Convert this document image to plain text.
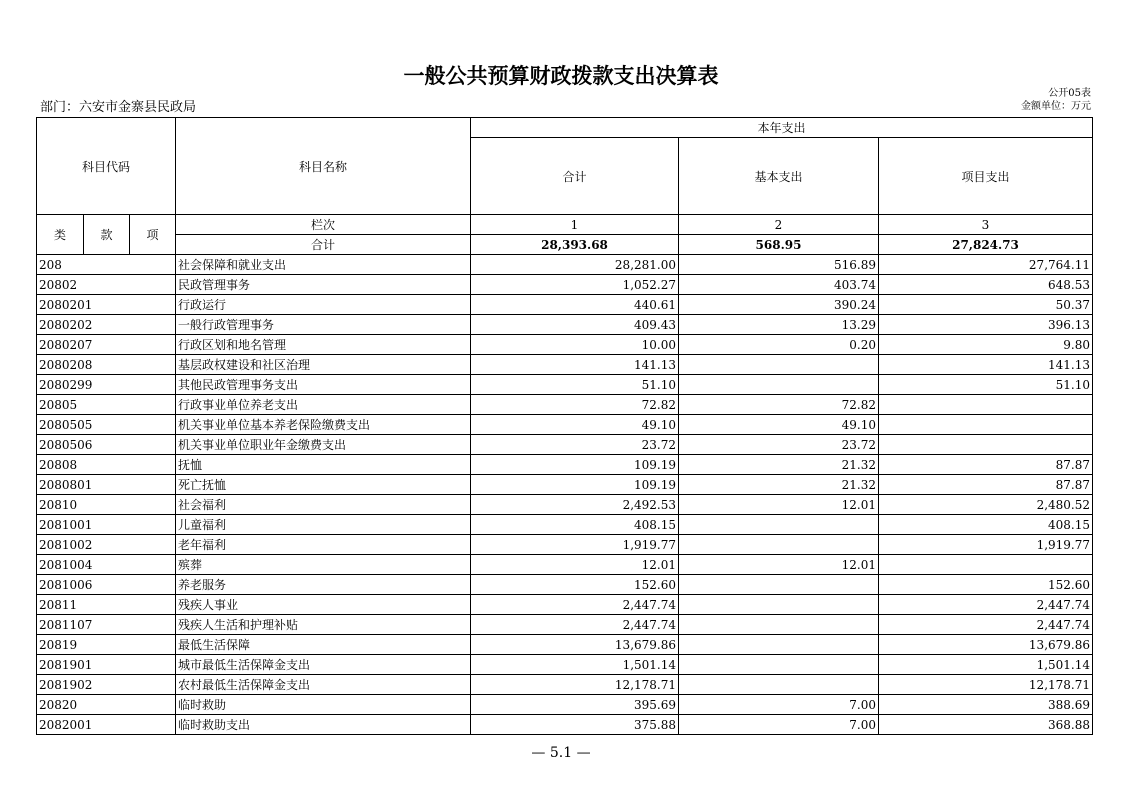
一般公共预算财政拨款支出决算表
部门：六安市金寨县民政局
公开05表
金额单位：万元
科目代码			科目名称	本年支出		
				合计	基本支出	项目支出
类	款	项	栏次	1	2	3
			合计	28,393.68	568.95	27,824.73
208			社会保障和就业支出	28,281.00	516.89	27,764.11
20802			民政管理事务	1,052.27	403.74	648.53
2080201			行政运行	440.61	390.24	50.37
2080202			一般行政管理事务	409.43	13.29	396.13
2080207			行政区划和地名管理	10.00	0.20	9.80
2080208			基层政权建设和社区治理	141.13		141.13
2080299			其他民政管理事务支出	51.10		51.10
20805			行政事业单位养老支出	72.82	72.82	
2080505			机关事业单位基本养老保险缴费支出	49.10	49.10	
2080506			机关事业单位职业年金缴费支出	23.72	23.72	
20808			抚恤	109.19	21.32	87.87
2080801			死亡抚恤	109.19	21.32	87.87
20810			社会福利	2,492.53	12.01	2,480.52
2081001			儿童福利	408.15		408.15
2081002			老年福利	1,919.77		1,919.77
2081004			殡葬	12.01	12.01	
2081006			养老服务	152.60		152.60
20811			残疾人事业	2,447.74		2,447.74
2081107			残疾人生活和护理补贴	2,447.74		2,447.74
20819			最低生活保障	13,679.86		13,679.86
2081901			城市最低生活保障金支出	1,501.14		1,501.14
2081902			农村最低生活保障金支出	12,178.71		12,178.71
20820			临时救助	395.69	7.00	388.69
2082001			临时救助支出	375.88	7.00	368.88
— 5.1 —
